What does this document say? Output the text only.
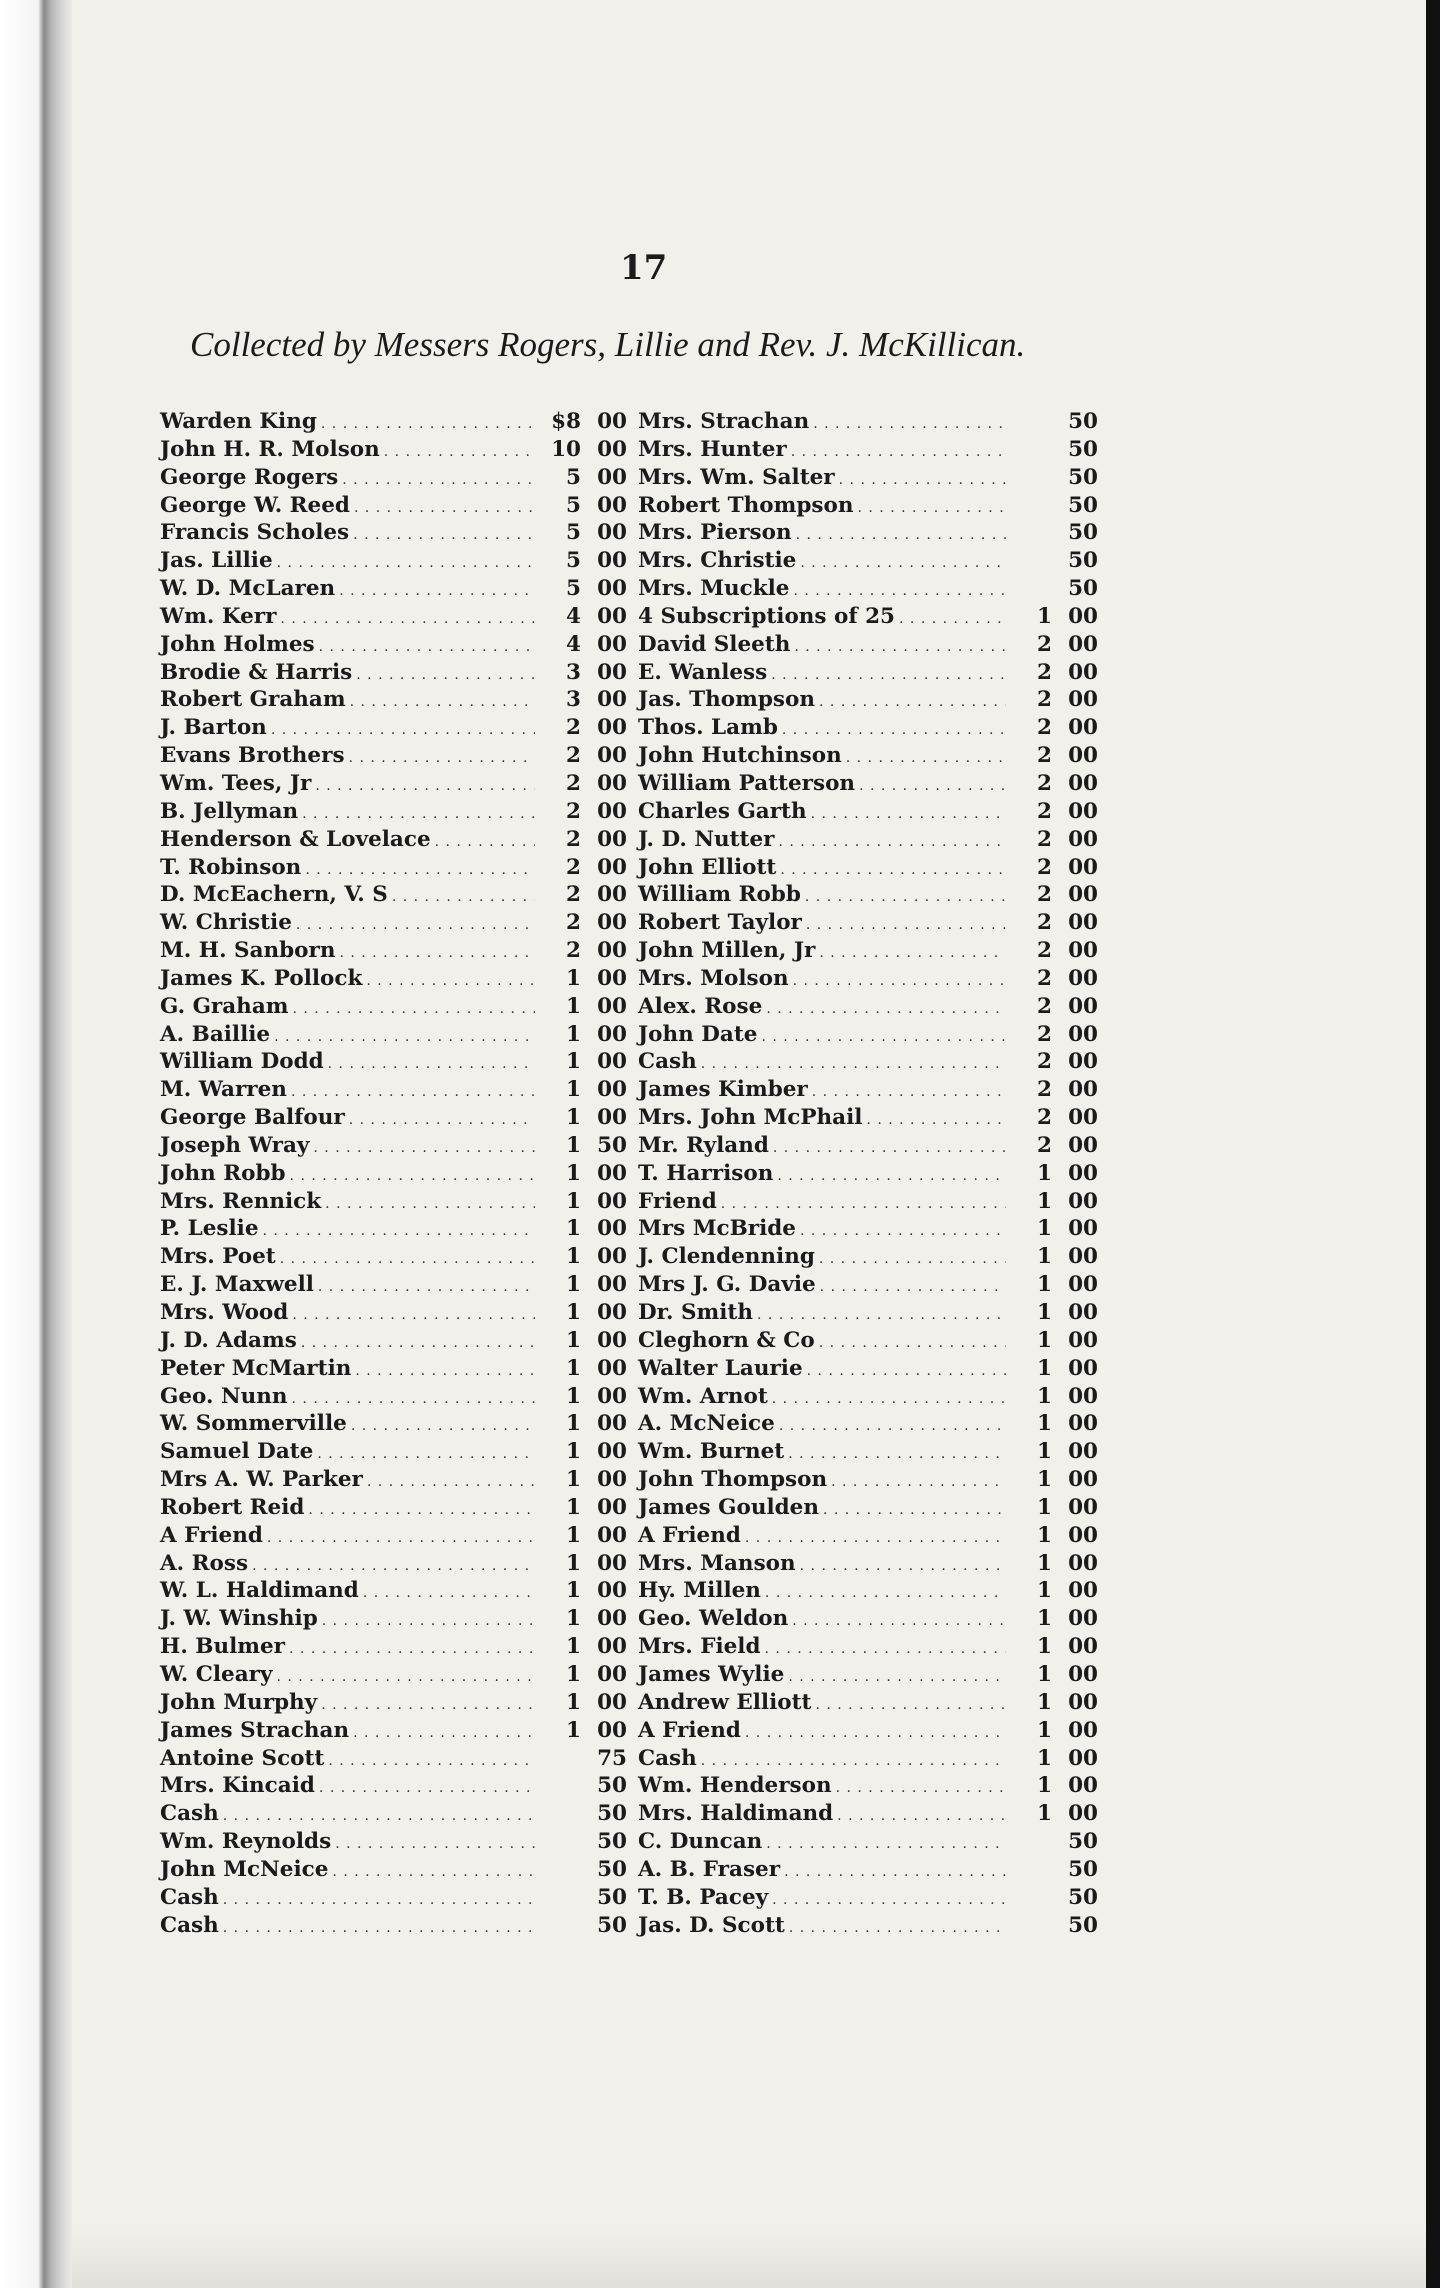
17
Collected by Messers Rogers, Lillie and Rev. J. McKillican.
Warden King . . .	$8 00
John H. R. Molson . . .	10 00
George Rogers . . .	5 00
George W. Reed . . .	5 00
Francis Scholes . . .	5 00
Jas. Lillie . . .	5 00
W. D. McLaren . . .	5 00
Wm. Kerr . . .	4 00
John Holmes . . .	4 00
Brodie & Harris . . .	3 00
Robert Graham . . .	3 00
J. Barton . . .	2 00
Evans Brothers . . .	2 00
Wm. Tees, Jr . . .	2 00
B. Jellyman . . .	2 00
Henderson & Lovelace . . .	2 00
T. Robinson . . .	2 00
D. McEachern, V. S . . .	2 00
W. Christie . . .	2 00
M. H. Sanborn . . .	2 00
James K. Pollock . . .	1 00
G. Graham . . .	1 00
A. Baillie . . .	1 00
William Dodd . . .	1 00
M. Warren . . .	1 00
George Balfour . . .	1 00
Joseph Wray . . .	1 50
John Robb . . .	1 00
Mrs. Rennick . . .	1 00
P. Leslie . . .	1 00
Mrs. Poet . . .	1 00
E. J. Maxwell . . .	1 00
Mrs. Wood . . .	1 00
J. D. Adams . . .	1 00
Peter McMartin . . .	1 00
Geo. Nunn . . .	1 00
W. Sommerville . . .	1 00
Samuel Date . . .	1 00
Mrs A. W. Parker . . .	1 00
Robert Reid . . .	1 00
A Friend . . .	1 00
A. Ross . . .	1 00
W. L. Haldimand . . .	1 00
J. W. Winship . . .	1 00
H. Bulmer . . .	1 00
W. Cleary . . .	1 00
John Murphy . . .	1 00
James Strachan . . .	1 00
Antoine Scott . . .	75
Mrs. Kincaid . . .	50
Cash . . .	50
Wm. Reynolds . . .	50
John McNeice . . .	50
Cash . . .	50
Cash . . .	50
Mrs. Strachan . . .	50
Mrs. Hunter . . .	50
Mrs. Wm. Salter . . .	50
Robert Thompson . . .	50
Mrs. Pierson . . .	50
Mrs. Christie . . .	50
Mrs. Muckle . . .	50
4 Subscriptions of 25 . . .	1 00
David Sleeth . . .	2 00
E. Wanless . . .	2 00
Jas. Thompson . . .	2 00
Thos. Lamb . . .	2 00
John Hutchinson . . .	2 00
William Patterson . . .	2 00
Charles Garth . . .	2 00
J. D. Nutter . . .	2 00
John Elliott . . .	2 00
William Robb . . .	2 00
Robert Taylor . . .	2 00
John Millen, Jr . . .	2 00
Mrs. Molson . . .	2 00
Alex. Rose . . .	2 00
John Date . . .	2 00
Cash . . .	2 00
James Kimber . . .	2 00
Mrs. John McPhail . . .	2 00
Mr. Ryland . . .	2 00
T. Harrison . . .	1 00
Friend . . .	1 00
Mrs McBride . . .	1 00
J. Clendenning . . .	1 00
Mrs J. G. Davie . . .	1 00
Dr. Smith . . .	1 00
Cleghorn & Co . . .	1 00
Walter Laurie . . .	1 00
Wm. Arnot . . .	1 00
A. McNeice . . .	1 00
Wm. Burnet . . .	1 00
John Thompson . . .	1 00
James Goulden . . .	1 00
A Friend . . .	1 00
Mrs. Manson . . .	1 00
Hy. Millen . . .	1 00
Geo. Weldon . . .	1 00
Mrs. Field . . .	1 00
James Wylie . . .	1 00
Andrew Elliott . . .	1 00
A Friend . . .	1 00
Cash . . .	1 00
Wm. Henderson . . .	1 00
Mrs. Haldimand . . .	1 00
C. Duncan . . .	50
A. B. Fraser . . .	50
T. B. Pacey . . .	50
Jas. D. Scott . . .	50
